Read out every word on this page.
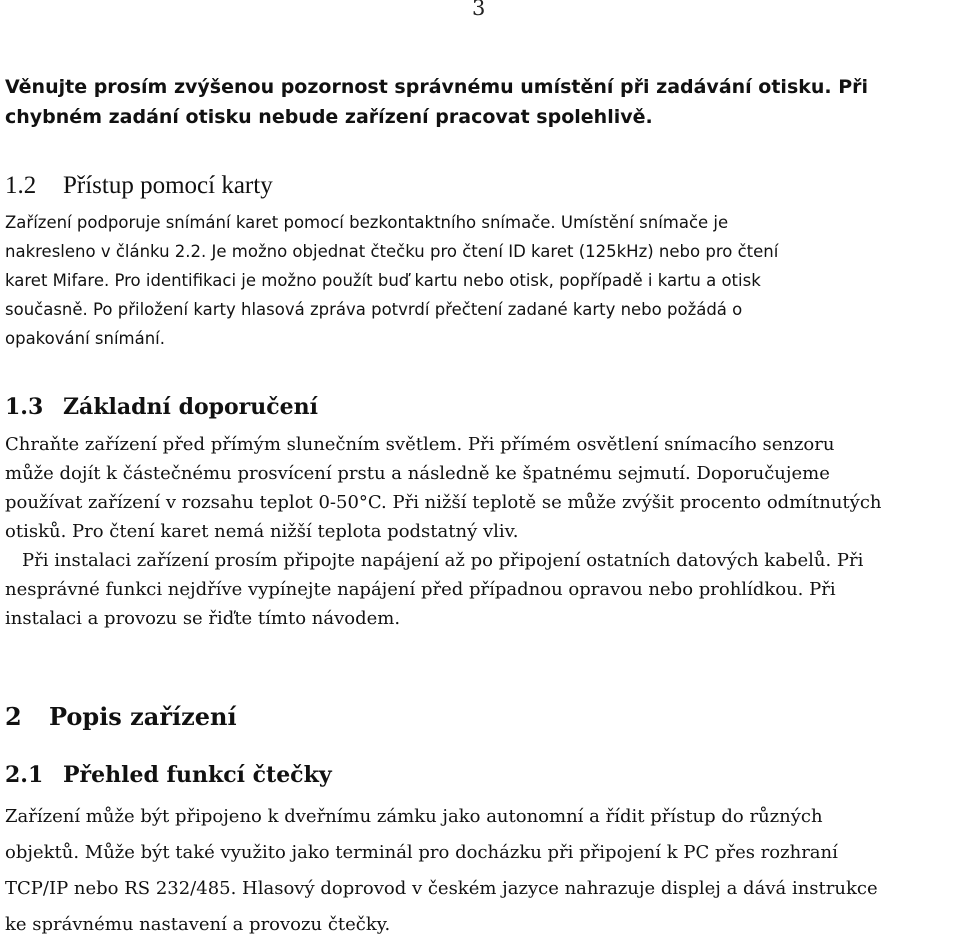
3
Věnujte prosím zvýšenou pozornost správnému umístění při zadávání otisku. Při
chybném zadání otisku nebude zařízení pracovat spolehlivě.
1.2 Přístup pomocí karty
Zařízení podporuje snímání karet pomocí bezkontaktního snímače. Umístění snímače je
nakresleno v článku 2.2. Je možno objednat čtečku pro čtení ID karet (125kHz) nebo pro čtení
karet Mifare. Pro identifikaci je možno použít buď kartu nebo otisk, popřípadě i kartu a otisk
současně. Po přiložení karty hlasová zpráva potvrdí přečtení zadané karty nebo požádá o
opakování snímání.
1.3 Základní doporučení
Chraňte zařízení před přímým slunečním světlem. Při přímém osvětlení snímacího senzoru
může dojít k částečnému prosvícení prstu a následně ke špatnému sejmutí. Doporučujeme
používat zařízení v rozsahu teplot 0-50°C. Při nižší teplotě se může zvýšit procento odmítnutých
otisků. Pro čtení karet nemá nižší teplota podstatný vliv.
Při instalaci zařízení prosím připojte napájení až po připojení ostatních datových kabelů. Při
nesprávné funkci nejdříve vypínejte napájení před případnou opravou nebo prohlídkou. Při
instalaci a provozu se řiďte tímto návodem.
2 Popis zařízení
2.1 Přehled funkcí čtečky
Zařízení může být připojeno k dveřnímu zámku jako autonomní a řídit přístup do různých
objektů. Může být také využito jako terminál pro docházku při připojení k PC přes rozhraní
TCP/IP nebo RS 232/485. Hlasový doprovod v českém jazyce nahrazuje displej a dává instrukce
ke správnému nastavení a provozu čtečky.
